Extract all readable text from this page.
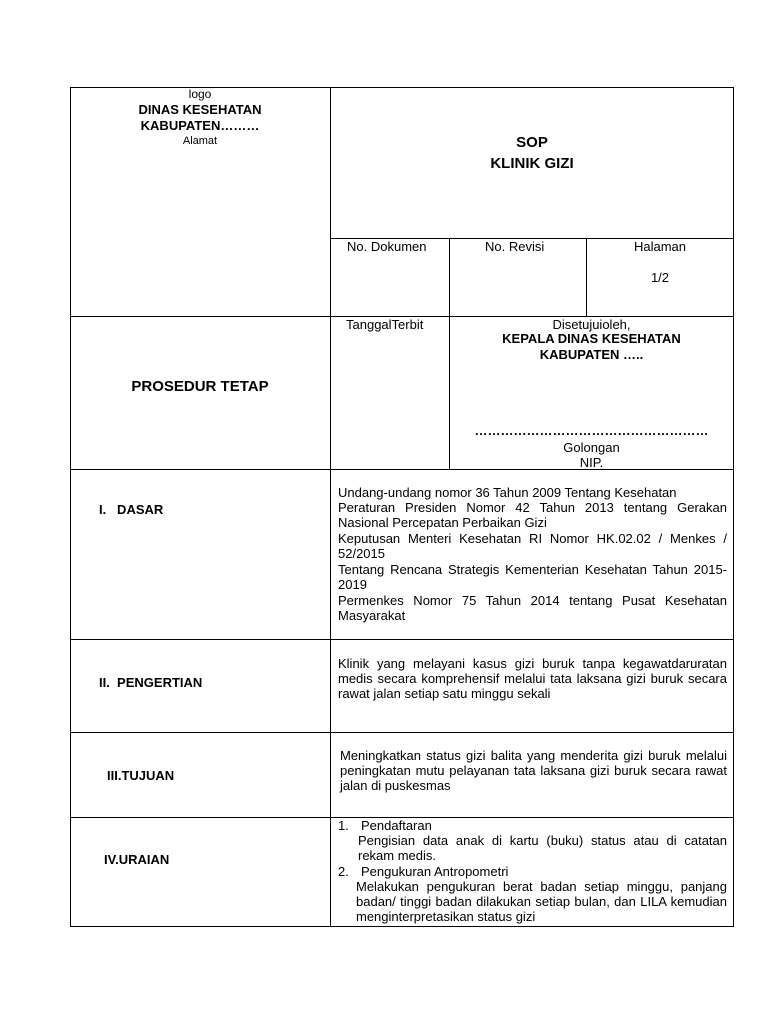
logo
DINAS KESEHATAN
KABUPATEN………
Alamat	SOP
KLINIK GIZI
No. Dokumen	No. Revisi	Halaman
1/2
PROSEDUR TETAP
TanggalTerbit	Disetujuioleh,
KEPALA DINAS KESEHATAN
KABUPATEN …..
………………………………………………
Golongan
NIP.
I.   DASAR
Undang-undang nomor 36 Tahun 2009 Tentang Kesehatan
Peraturan Presiden Nomor 42 Tahun 2013 tentang Gerakan Nasional Percepatan Perbaikan Gizi
Keputusan Menteri Kesehatan RI Nomor HK.02.02 / Menkes / 52/2015
Tentang Rencana Strategis Kementerian Kesehatan Tahun 2015-2019
Permenkes Nomor 75 Tahun 2014 tentang Pusat Kesehatan Masyarakat
II.  PENGERTIAN
Klinik yang melayani kasus gizi buruk tanpa kegawatdaruratan medis secara komprehensif melalui tata laksana gizi buruk secara rawat jalan setiap satu minggu sekali
III.TUJUAN
Meningkatkan status gizi balita yang menderita gizi buruk melalui peningkatan mutu pelayanan tata laksana gizi buruk secara rawat jalan di puskesmas
IV.URAIAN
1. Pendaftaran
Pengisian data anak di kartu (buku) status atau di catatan rekam medis.
2. Pengukuran Antropometri
Melakukan pengukuran berat badan setiap minggu, panjang badan/ tinggi badan dilakukan setiap bulan, dan LILA kemudian menginterpretasikan status gizi
